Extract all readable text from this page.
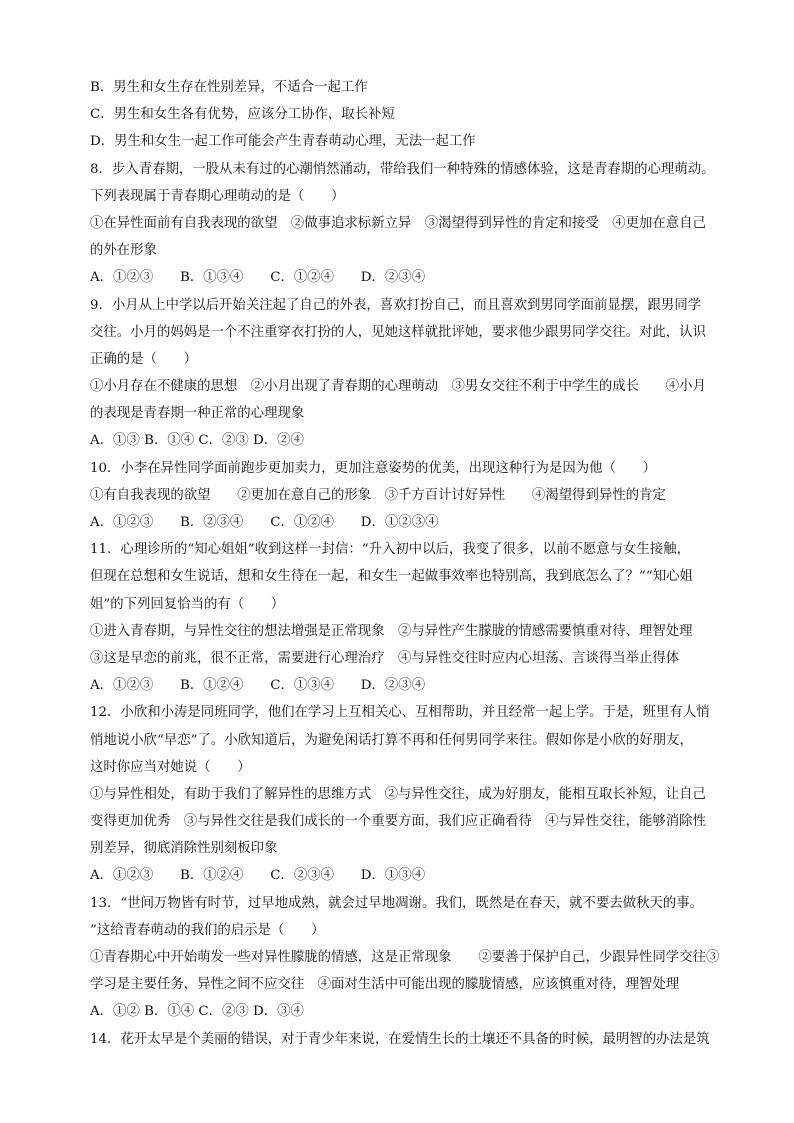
B．男生和女生存在性别差异，不适合一起工作
C．男生和女生各有优势，应该分工协作，取长补短
D．男生和女生一起工作可能会产生青春萌动心理，无法一起工作
8．步入青春期，一股从未有过的心潮悄然涌动，带给我们一种特殊的情感体验，这是青春期的心理萌动。
下列表现属于青春期心理萌动的是（　　）
①在异性面前有自我表现的欲望　②做事追求标新立异　③渴望得到异性的肯定和接受　④更加在意自己
的外在形象
A．①②③　　B．①③④　　C．①②④　　D．②③④
9．小月从上中学以后开始关注起了自己的外表，喜欢打扮自己，而且喜欢到男同学面前显摆，跟男同学
交往。小月的妈妈是一个不注重穿衣打扮的人，见她这样就批评她，要求他少跟男同学交往。对此，认识
正确的是（　　）
①小月存在不健康的思想　②小月出现了青春期的心理萌动　③男女交往不利于中学生的成长　　④小月
的表现是青春期一种正常的心理现象
A．①③ B．①④ C．②③ D．②④
10．小李在异性同学面前跑步更加卖力，更加注意姿势的优美，出现这种行为是因为他（　　）
①有自我表现的欲望　　②更加在意自己的形象　③千方百计讨好异性　　④渴望得到异性的肯定
A．①②③　　B．②③④　　C．①②④　　D．①②③④
11．心理诊所的“知心姐姐”收到这样一封信：“升入初中以后，我变了很多，以前不愿意与女生接触，
但现在总想和女生说话，想和女生待在一起，和女生一起做事效率也特别高，我到底怎么了？”“知心姐
姐”的下列回复恰当的有（　　）
①进入青春期，与异性交往的想法增强是正常现象　②与异性产生朦胧的情感需要慎重对待、理智处理
③这是早恋的前兆，很不正常，需要进行心理治疗　④与异性交往时应内心坦荡、言谈得当举止得体
A．①②③　　B．①②④　　C．①③④　　D．②③④
12．小欣和小涛是同班同学，他们在学习上互相关心、互相帮助，并且经常一起上学。于是，班里有人悄
悄地说小欣“早恋”了。小欣知道后，为避免闲话打算不再和任何男同学来往。假如你是小欣的好朋友，
这时你应当对她说（　　）
①与异性相处，有助于我们了解异性的思维方式　②与异性交往，成为好朋友，能相互取长补短，让自己
变得更加优秀　③与异性交往是我们成长的一个重要方面，我们应正确看待　④与异性交往，能够消除性
别差异，彻底消除性别刻板印象
A．①②③　　B．①②④　　C．②③④　　D．①③④
13．“世间万物皆有时节，过早地成熟，就会过早地凋谢。我们，既然是在春天，就不要去做秋天的事。
”这给青春萌动的我们的启示是（　　）
①青春期心中开始萌发一些对异性朦胧的情感，这是正常现象　　②要善于保护自己，少跟异性同学交往③
学习是主要任务，异性之间不应交往　④面对生活中可能出现的朦胧情感，应该慎重对待，理智处理
A．①② B．①④ C．②③ D．③④
14．花开太早是个美丽的错误，对于青少年来说，在爱情生长的土壤还不具备的时候，最明智的办法是筑
